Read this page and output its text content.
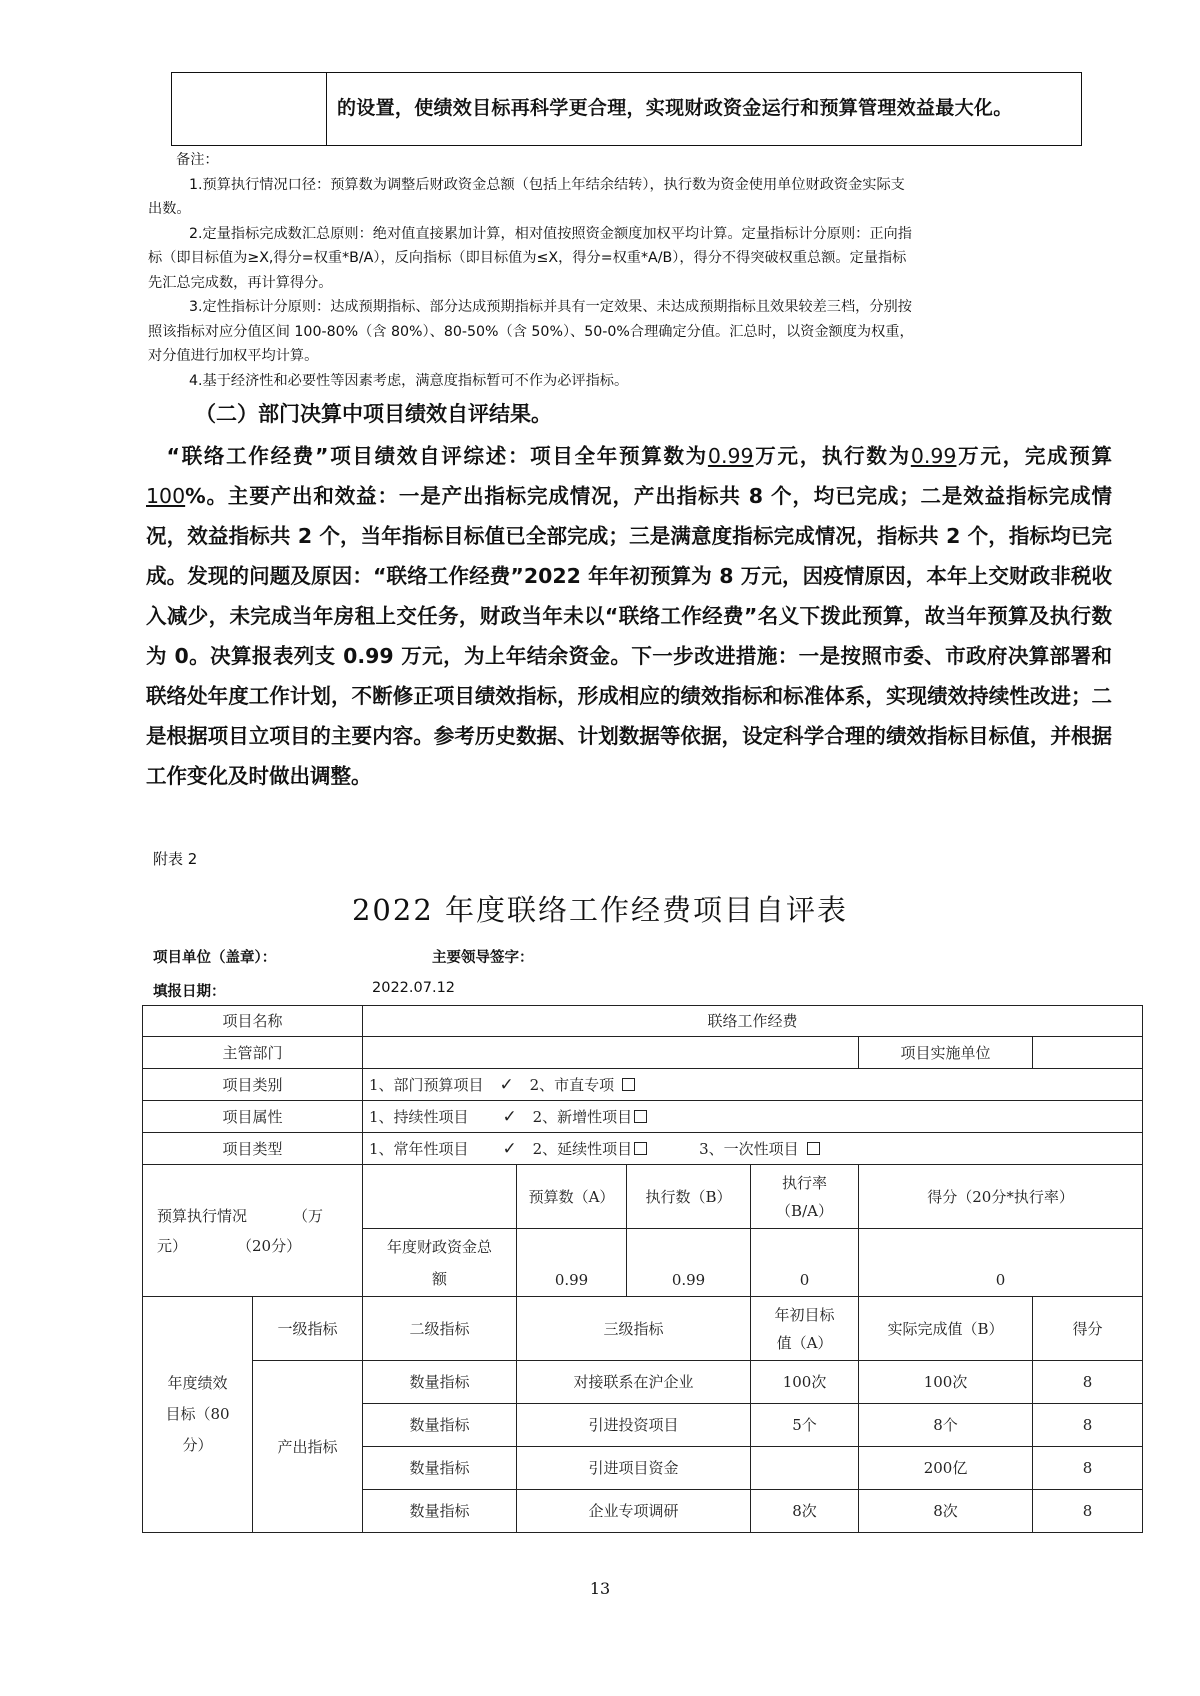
的设置，使绩效目标再科学更合理，实现财政资金运行和预算管理效益最大化。

备注：

1.预算执行情况口径：预算数为调整后财政资金总额（包括上年结余结转），执行数为资金使用单位财政资金实际支

出数。

2.定量指标完成数汇总原则：绝对值直接累加计算，相对值按照资金额度加权平均计算。定量指标计分原则：正向指

标（即目标值为≥X,得分=权重*B/A），反向指标（即目标值为≤X，得分=权重*A/B），得分不得突破权重总额。定量指标

先汇总完成数，再计算得分。

3.定性指标计分原则：达成预期指标、部分达成预期指标并具有一定效果、未达成预期指标且效果较差三档，分别按

照该指标对应分值区间 100-80%（含 80%）、80-50%（含 50%）、50-0%合理确定分值。汇总时，以资金额度为权重，

对分值进行加权平均计算。

4.基于经济性和必要性等因素考虑，满意度指标暂可不作为必评指标。

（二）部门决算中项目绩效自评结果。
 “联络工作经费”项目绩效自评综述：项目全年预算数为0.99万元，执行数为0.99万元，完成预算100%。主要产出和效益：一是产出指标完成情况，产出指标共 8 个，均已完成；二是效益指标完成情况，效益指标共 2 个，当年指标目标值已全部完成；三是满意度指标完成情况，指标共 2 个，指标均已完成。发现的问题及原因：“联络工作经费”2022 年年初预算为 8 万元，因疫情原因，本年上交财政非税收入减少，未完成当年房租上交任务，财政当年未以“联络工作经费”名义下拨此预算，故当年预算及执行数为 0。决算报表列支 0.99 万元，为上年结余资金。下一步改进措施：一是按照市委、市政府决算部署和联络处年度工作计划，不断修正项目绩效指标，形成相应的绩效指标和标准体系，实现绩效持续性改进；二是根据项目立项目的主要内容。参考历史数据、计划数据等依据，设定科学合理的绩效指标目标值，并根据工作变化及时做出调整。
附表 2
2022 年度联络工作经费项目自评表
项目单位（盖章）：	主要领导签字：
填报日期：	2022.07.12
项目名称		联络工作经费					
主管部门						项目实施单位	
项目类别		1、部门预算项目 ✓ 2、市直专项					
项目属性		1、持续性项目 ✓ 2、新增性项目					
项目类型		1、常年性项目 ✓ 2、延续性项目 3、一次性项目					
预算执行情况 （万
元） （20分）			预算数（A）	执行数（B）	执行率
（B/A）	得分（20分*执行率）	
		年度财政资金总
额	0.99	0.99	0	0	
年度绩效
目标（80
分）	一级指标	二级指标	三级指标		年初目标
值（A）	实际完成值（B）	得分
	产出指标	数量指标	对接联系在沪企业		100次	100次	8
		数量指标	引进投资项目		5个	8个	8
		数量指标	引进项目资金			200亿	8
		数量指标	企业专项调研		8次	8次	8
13
